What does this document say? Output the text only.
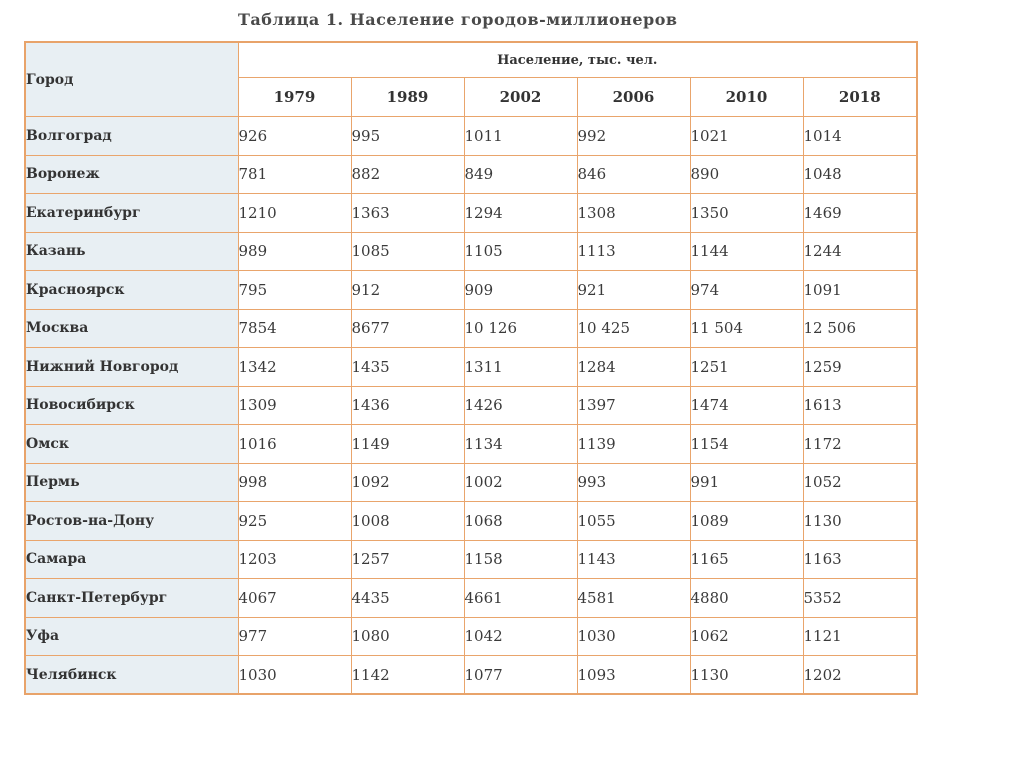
Таблица 1. Население городов-миллионеров
Город	Население, тыс. чел.					
	1979	1989	2002	2006	2010	2018
Волгоград	926	995	1011	992	1021	1014
Воронеж	781	882	849	846	890	1048
Екатеринбург	1210	1363	1294	1308	1350	1469
Казань	989	1085	1105	1113	1144	1244
Красноярск	795	912	909	921	974	1091
Москва	7854	8677	10 126	10 425	11 504	12 506
Нижний Новгород	1342	1435	1311	1284	1251	1259
Новосибирск	1309	1436	1426	1397	1474	1613
Омск	1016	1149	1134	1139	1154	1172
Пермь	998	1092	1002	993	991	1052
Ростов-на-Дону	925	1008	1068	1055	1089	1130
Самара	1203	1257	1158	1143	1165	1163
Санкт-Петербург	4067	4435	4661	4581	4880	5352
Уфа	977	1080	1042	1030	1062	1121
Челябинск	1030	1142	1077	1093	1130	1202
